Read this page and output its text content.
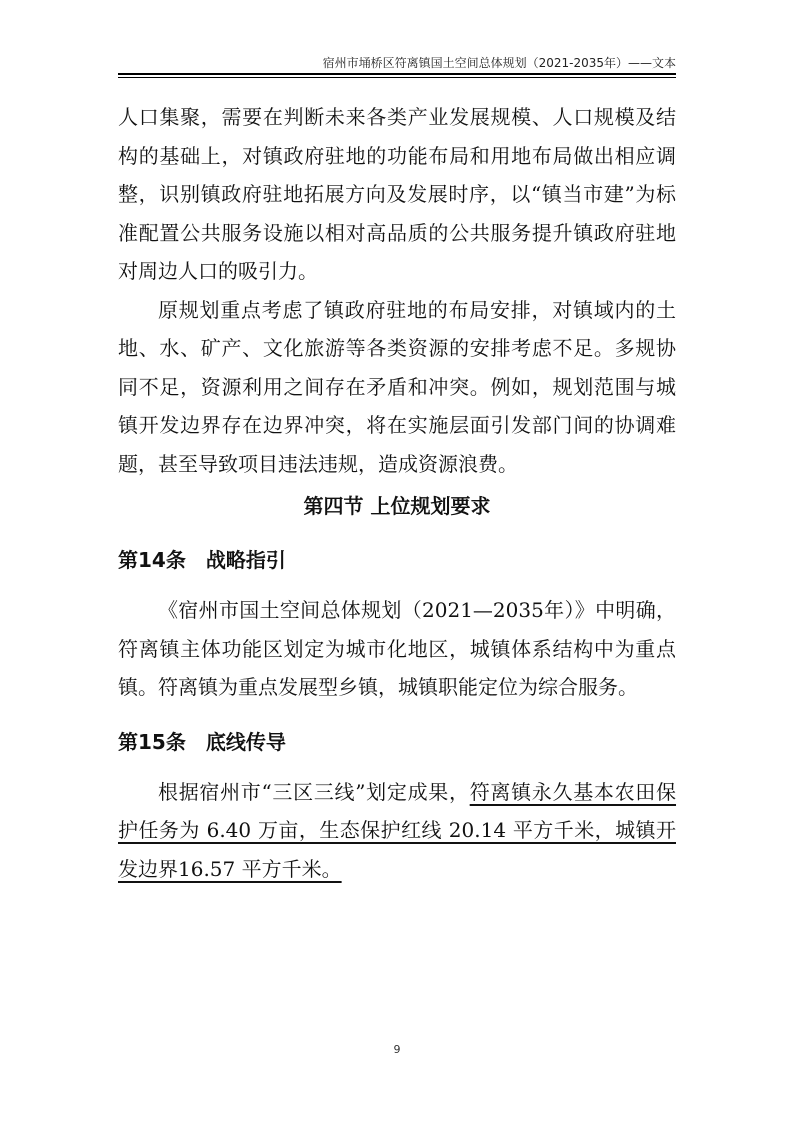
宿州市埇桥区符离镇国土空间总体规划（2021-2035年）——文本

人口集聚，需要在判断未来各类产业发展规模、人口规模及结构的基础上，对镇政府驻地的功能布局和用地布局做出相应调整，识别镇政府驻地拓展方向及发展时序，以“镇当市建”为标准配置公共服务设施以相对高品质的公共服务提升镇政府驻地对周边人口的吸引力。

原规划重点考虑了镇政府驻地的布局安排，对镇域内的土地、水、矿产、文化旅游等各类资源的安排考虑不足。多规协同不足，资源利用之间存在矛盾和冲突。例如，规划范围与城镇开发边界存在边界冲突，将在实施层面引发部门间的协调难题，甚至导致项目违法违规，造成资源浪费。

第四节 上位规划要求
第14条 战略指引

《宿州市国土空间总体规划（2021—2035年）》中明确，符离镇主体功能区划定为城市化地区，城镇体系结构中为重点镇。符离镇为重点发展型乡镇，城镇职能定位为综合服务。

第15条 底线传导

根据宿州市“三区三线”划定成果，符离镇永久基本农田保护任务为 6.40 万亩，生态保护红线 20.14 平方千米，城镇开发边界16.57 平方千米。

9
